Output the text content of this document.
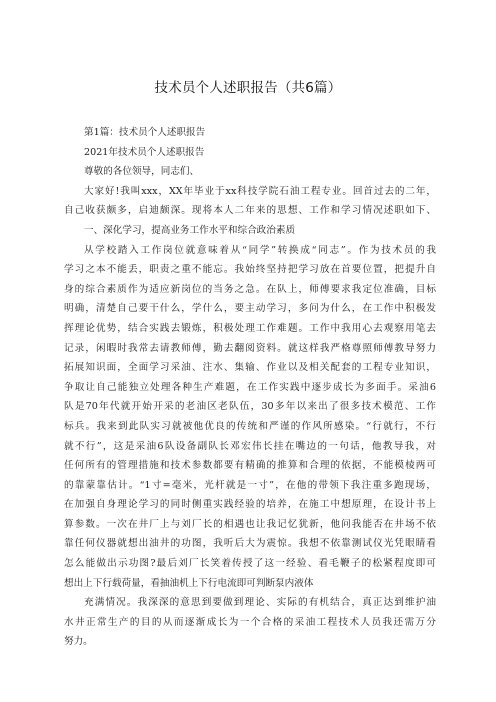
技术员个人述职报告（共6篇）
第1篇：技术员个人述职报告
2021年技术员个人述职报告
尊敬的各位领导，同志们、
大家好!我叫xxx，XX年毕业于xx科技学院石油工程专业。回首过去的二年，
自己收获颇多，启迪颇深。现将本人二年来的思想、工作和学习情况述职如下、
一、深化学习，提高业务工作水平和综合政治素质
从学校踏入工作岗位就意味着从“同学”转换成“同志”。作为技术员的我
学习之本不能丢，职责之重不能忘。我始终坚持把学习放在首要位置，把提升自
身的综合素质作为适应新岗位的当务之急。在队上，师傅要求我定位准确，目标
明确，清楚自己要干什么，学什么，要主动学习，多问为什么，在工作中积极发
挥理论优势，结合实践去锻炼，积极处理工作难题。工作中我用心去观察用笔去
记录，闲暇时我常去请教师傅，勤去翻阅资料。就这样我严格尊照师傅教导努力
拓展知识面，全面学习采油、注水、集输、作业以及相关配套的工程专业知识，
争取让自己能独立处理各种生产难题，在工作实践中逐步成长为多面手。采油6
队是70年代就开始开采的老油区老队伍，30多年以来出了很多技术模范、工作
标兵。我来到此队实习就被他优良的传统和严谨的作风所感染。“行就行，不行
就不行”，这是采油6队设备副队长邓宏伟长挂在嘴边的一句话，他教导我，对
任何所有的管理措施和技术参数都要有精确的推算和合理的依据，不能模棱两可
的靠蒙靠估计。“1寸=毫米，光杆就是一寸”，在他的带领下我注重多跑现场，
在加强自身理论学习的同时侧重实践经验的培养，在施工中想原理，在设计书上
算参数。一次在井厂上与刘厂长的相遇也让我记忆犹新，他问我能否在井场不依
靠任何仪器就想出油井的功图，我听后大为震惊。我想不依靠测试仪光凭眼睛看
怎么能做出示功图?最后刘厂长笑着传授了这一经验、看毛鞭子的松紧程度即可
想出上下行载荷量，看抽油机上下行电流即可判断泵内液体
充满情况。我深深的意思到要做到理论、实际的有机结合，真正达到维护油
水井正常生产的目的从而逐渐成长为一个合格的采油工程技术人员我还需万分
努力。
